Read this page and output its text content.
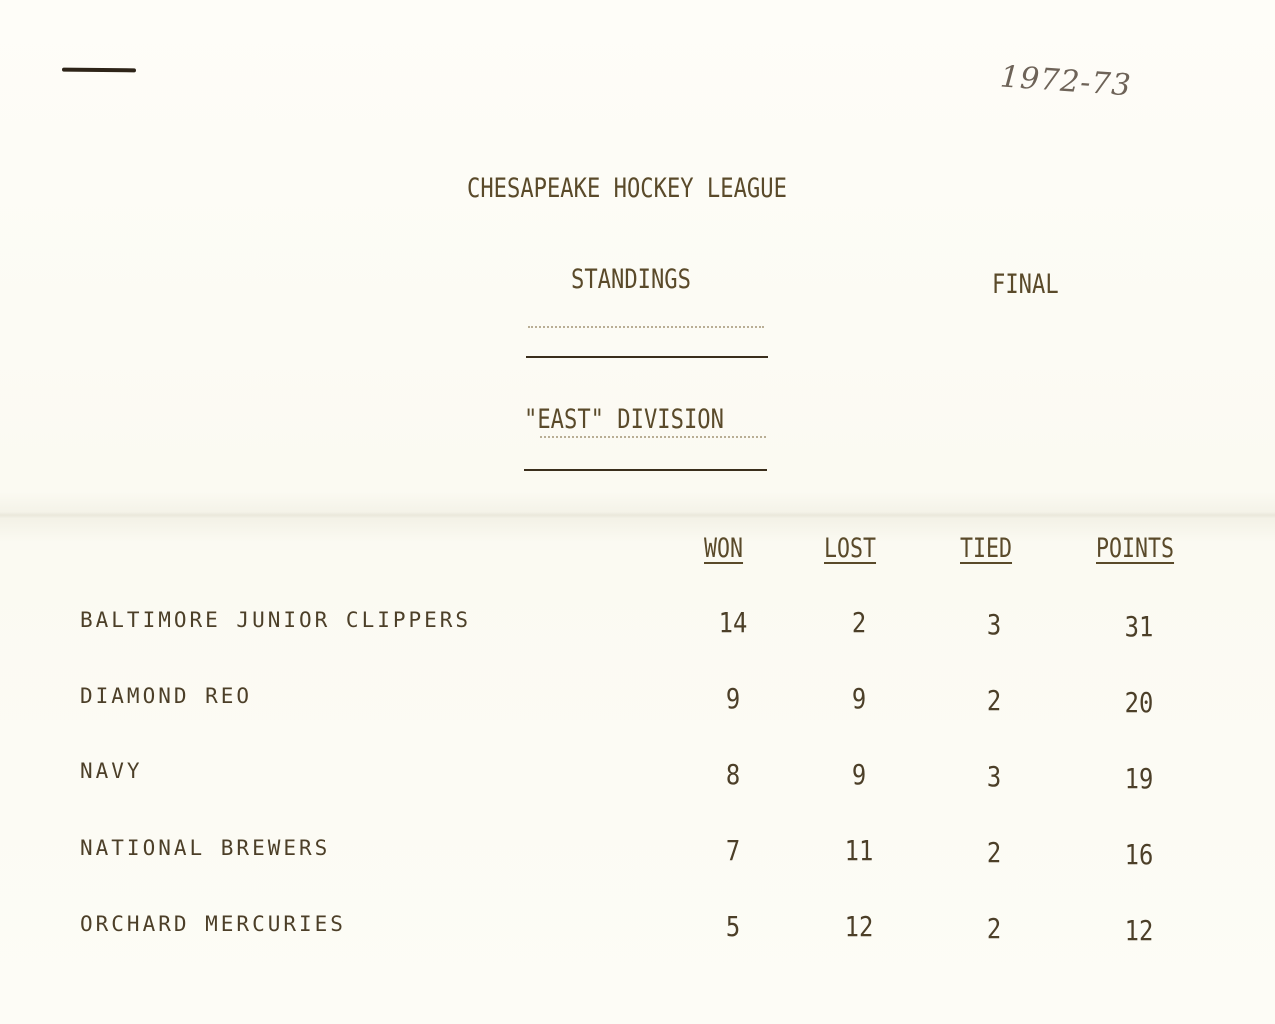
1972-73
CHESAPEAKE HOCKEY LEAGUE
STANDINGS	FINAL
"EAST" DIVISION
WON	LOST	TIED	POINTS
BALTIMORE JUNIOR CLIPPERS	14	2	3	31
DIAMOND REO	9	9	2	20
NAVY	8	9	3	19
NATIONAL BREWERS	7	11	2	16
ORCHARD MERCURIES	5	12	2	12
